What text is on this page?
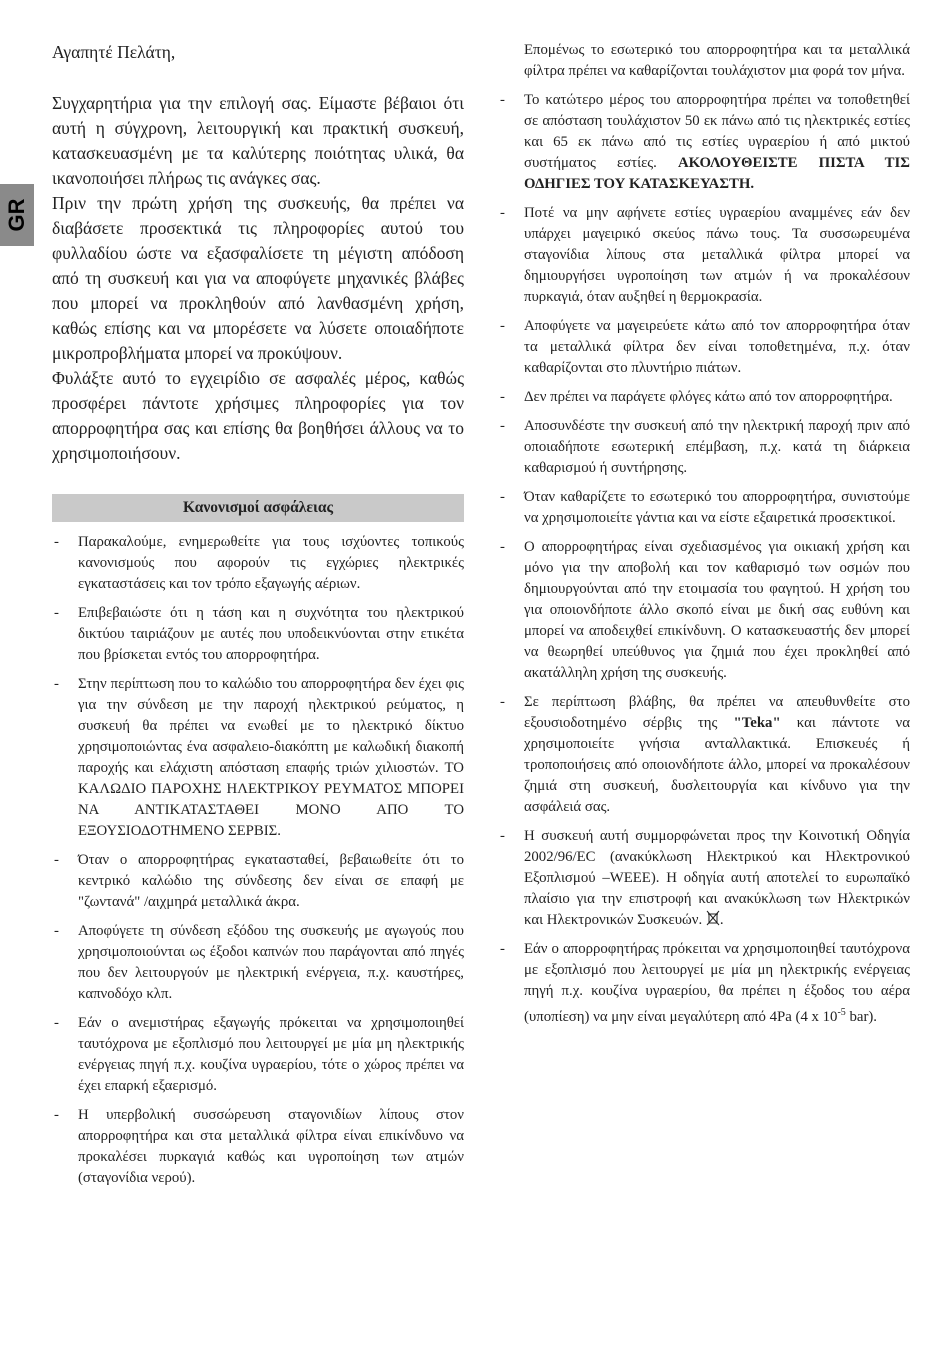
GR

Αγαπητέ Πελάτη,

Συγχαρητήρια για την επιλογή σας. Είμαστε βέβαιοι ότι αυτή η σύγχρονη, λειτουργική και πρακτική συσκευή, κατασκευασμένη με τα καλύτερης ποιότητας υλικά, θα ικανοποιήσει πλήρως τις ανάγκες σας.

Πριν την πρώτη χρήση της συσκευής, θα πρέπει να διαβάσετε προσεκτικά τις πληροφορίες αυτού του φυλλαδίου ώστε να εξασφαλίσετε τη μέγιστη απόδοση από τη συσκευή και για να αποφύγετε μηχανικές βλάβες που μπορεί να προκληθούν από λανθασμένη χρήση, καθώς επίσης και να μπορέσετε να λύσετε οποιαδήποτε μικροπροβλήματα μπορεί να προκύψουν.

Φυλάξτε αυτό το εγχειρίδιο σε ασφαλές μέρος, καθώς προσφέρει πάντοτε χρήσιμες πληροφορίες για τον απορροφητήρα σας και επίσης θα βοηθήσει άλλους να το χρησιμοποιήσουν.

Κανονισμοί ασφάλειας
- Παρακαλούμε, ενημερωθείτε για τους ισχύοντες τοπικούς κανονισμούς που αφορούν τις εγχώριες ηλεκτρικές εγκαταστάσεις και τον τρόπο εξαγωγής αέριων.
- Επιβεβαιώστε ότι η τάση και η συχνότητα του ηλεκτρικού δικτύου ταιριάζουν με αυτές που υποδεικνύονται στην ετικέτα που βρίσκεται εντός του απορροφητήρα.
- Στην περίπτωση που το καλώδιο του απορροφητήρα δεν έχει φις για την σύνδεση με την παροχή ηλεκτρικού ρεύματος, η συσκευή θα πρέπει να ενωθεί με το ηλεκτρικό δίκτυο χρησιμοποιώντας ένα ασφαλειο-διακόπτη με καλωδική διακοπή παροχής και ελάχιστη απόσταση επαφής τριών χιλιοστών. ΤΟ ΚΑΛΩΔΙΟ ΠΑΡΟΧΗΣ ΗΛΕΚΤΡΙΚΟΥ ΡΕΥΜΑΤΟΣ ΜΠΟΡΕΙ ΝΑ ΑΝΤΙΚΑΤΑΣΤΑΘΕΙ ΜΟΝΟ ΑΠΟ ΤΟ ΕΞΟΥΣΙΟΔΟΤΗΜΕΝΟ ΣΕΡΒΙΣ.
- Όταν ο απορροφητήρας εγκατασταθεί, βεβαιωθείτε ότι το κεντρικό καλώδιο της σύνδεσης δεν είναι σε επαφή με "ζωντανά" /αιχμηρά μεταλλικά άκρα.
- Αποφύγετε τη σύνδεση εξόδου της συσκευής με αγωγούς που χρησιμοποιούνται ως έξοδοι καπνών που παράγονται από πηγές που δεν λειτουργούν με ηλεκτρική ενέργεια, π.χ. καυστήρες, καπνοδόχο κλπ.
- Εάν ο ανεμιστήρας εξαγωγής πρόκειται να χρησιμοποιηθεί ταυτόχρονα με εξοπλισμό που λειτουργεί με μία μη ηλεκτρικής ενέργειας πηγή π.χ. κουζίνα υγραερίου, τότε ο χώρος πρέπει να έχει επαρκή εξαερισμό.
- Η υπερβολική συσσώρευση σταγονιδίων λίπους στον απορροφητήρα και στα μεταλλικά φίλτρα είναι επικίνδυνο να προκαλέσει πυρκαγιά καθώς και υγροποίηση των ατμών (σταγονίδια νερού).
Επομένως το εσωτερικό του απορροφητήρα και τα μεταλλικά φίλτρα πρέπει να καθαρίζονται τουλάχιστον μια φορά τον μήνα.
- Το κατώτερο μέρος του απορροφητήρα πρέπει να τοποθετηθεί σε απόσταση τουλάχιστον 50 εκ πάνω από τις ηλεκτρικές εστίες και 65 εκ πάνω από τις εστίες υγραερίου ή από μικτού συστήματος εστίες. ΑΚΟΛΟΥΘΕΙΣΤΕ ΠΙΣΤΑ ΤΙΣ ΟΔΗΓΙΕΣ ΤΟΥ ΚΑΤΑΣΚΕΥΑΣΤΗ.
- Ποτέ να μην αφήνετε εστίες υγραερίου αναμμένες εάν δεν υπάρχει μαγειρικό σκεύος πάνω τους. Τα συσσωρευμένα σταγονίδια λίπους στα μεταλλικά φίλτρα μπορεί να δημιουργήσει υγροποίηση των ατμών ή να προκαλέσουν πυρκαγιά, όταν αυξηθεί η θερμοκρασία.
- Αποφύγετε να μαγειρεύετε κάτω από τον απορροφητήρα όταν τα μεταλλικά φίλτρα δεν είναι τοποθετημένα, π.χ. όταν καθαρίζονται στο πλυντήριο πιάτων.
- Δεν πρέπει να παράγετε φλόγες κάτω από τον απορροφητήρα.
- Αποσυνδέστε την συσκευή από την ηλεκτρική παροχή πριν από οποιαδήποτε εσωτερική επέμβαση, π.χ. κατά τη διάρκεια καθαρισμού ή συντήρησης.
- Όταν καθαρίζετε το εσωτερικό του απορροφητήρα, συνιστούμε να χρησιμοποιείτε γάντια και να είστε εξαιρετικά προσεκτικοί.
- Ο απορροφητήρας είναι σχεδιασμένος για οικιακή χρήση και μόνο για την αποβολή και τον καθαρισμό των οσμών που δημιουργούνται από την ετοιμασία του φαγητού. Η χρήση του για οποιονδήποτε άλλο σκοπό είναι με δική σας ευθύνη και μπορεί να αποδειχθεί επικίνδυνη. Ο κατασκευαστής δεν μπορεί να θεωρηθεί υπεύθυνος για ζημιά που έχει προκληθεί από ακατάλληλη χρήση της συσκευής.
- Σε περίπτωση βλάβης, θα πρέπει να απευθυνθείτε στο εξουσιοδοτημένο σέρβις της "Teka" και πάντοτε να χρησιμοποιείτε γνήσια ανταλλακτικά. Επισκευές ή τροποποιήσεις από οποιονδήποτε άλλο, μπορεί να προκαλέσουν ζημιά στη συσκευή, δυσλειτουργία και κίνδυνο για την ασφάλειά σας.
- Η συσκευή αυτή συμμορφώνεται προς την Κοινοτική Οδηγία 2002/96/EC (ανακύκλωση Ηλεκτρικού και Ηλεκτρονικού Εξοπλισμού –WEEE). Η οδηγία αυτή αποτελεί το ευρωπαϊκό πλαίσιο για την επιστροφή και ανακύκλωση των Ηλεκτρικών και Ηλεκτρονικών Συσκευών. .
- Εάν ο απορροφητήρας πρόκειται να χρησιμοποιηθεί ταυτόχρονα με εξοπλισμό που λειτουργεί με μία μη ηλεκτρικής ενέργειας πηγή π.χ. κουζίνα υγραερίου, θα πρέπει η έξοδος του αέρα (υποπίεση) να μην είναι μεγαλύτερη από 4Pa (4 x $10^{-5}$ bar).
